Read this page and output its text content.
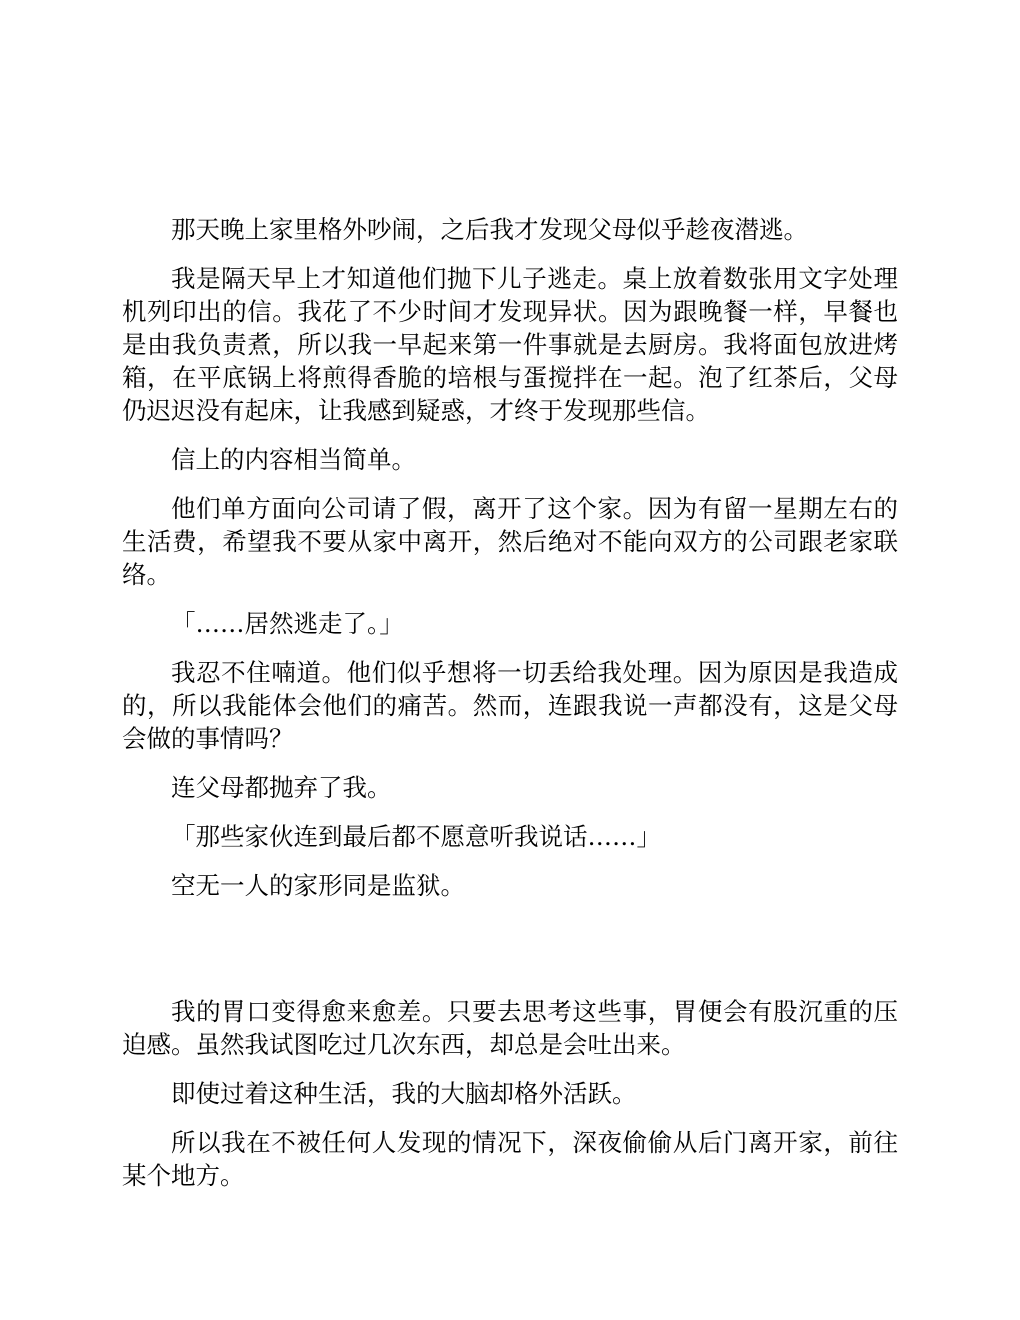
那天晚上家里格外吵闹，之后我才发现父母似乎趁夜潜逃。

我是隔天早上才知道他们抛下儿子逃走。桌上放着数张用文字处理机列印出的信。我花了不少时间才发现异状。因为跟晚餐一样，早餐也是由我负责煮，所以我一早起来第一件事就是去厨房。我将面包放进烤箱，在平底锅上将煎得香脆的培根与蛋搅拌在一起。泡了红茶后，父母仍迟迟没有起床，让我感到疑惑，才终于发现那些信。

信上的内容相当简单。

他们单方面向公司请了假，离开了这个家。因为有留一星期左右的生活费，希望我不要从家中离开，然后绝对不能向双方的公司跟老家联络。

「……居然逃走了。」

我忍不住喃道。他们似乎想将一切丢给我处理。因为原因是我造成的，所以我能体会他们的痛苦。然而，连跟我说一声都没有，这是父母会做的事情吗？

连父母都抛弃了我。

「那些家伙连到最后都不愿意听我说话……」

空无一人的家形同是监狱。

我的胃口变得愈来愈差。只要去思考这些事，胃便会有股沉重的压迫感。虽然我试图吃过几次东西，却总是会吐出来。

即使过着这种生活，我的大脑却格外活跃。

所以我在不被任何人发现的情况下，深夜偷偷从后门离开家，前往某个地方。
